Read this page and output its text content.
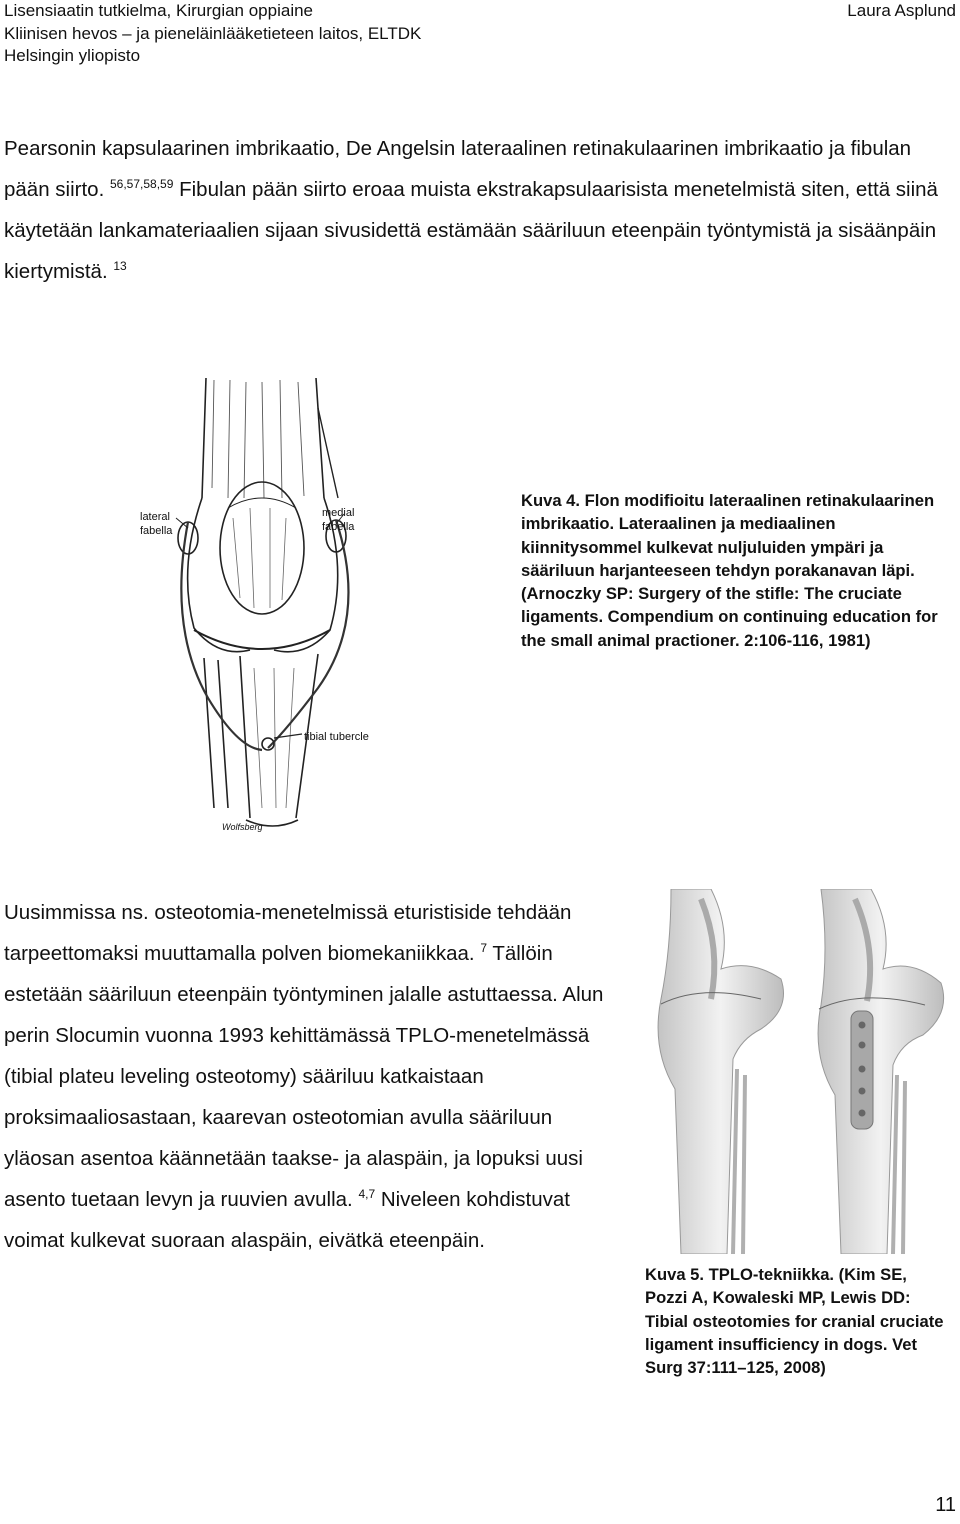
Lisensiaatin tutkielma, Kirurgian oppiaine
Kliinisen hevos – ja pieneläinlääketieteen laitos, ELTDK
Helsingin yliopisto
Laura Asplund
Pearsonin kapsulaarinen imbrikaatio, De Angelsin lateraalinen retinakulaarinen imbrikaatio ja fibulan pään siirto. $^{56,57,58,59}$ Fibulan pään siirto eroaa muista ekstrakapsulaarisista menetelmistä siten, että siinä käytetään lankamateriaalien sijaan sivusidettä estämään sääriluun eteenpäin työntymistä ja sisäänpäin kiertymistä. $^{13}$
lateral
fabella
medial
fabella
tibial tubercle
Wolfsberg
Kuva 4. Flon modifioitu lateraalinen retinakulaarinen imbrikaatio. Lateraalinen ja mediaalinen kiinnitysommel kulkevat nuljuluiden ympäri ja sääriluun harjanteeseen tehdyn porakanavan läpi. (Arnoczky SP: Surgery of the stifle: The cruciate ligaments. Compendium on continuing education for the small animal practioner. 2:106-116, 1981)
Uusimmissa ns. osteotomia-menetelmissä eturistiside tehdään tarpeettomaksi muuttamalla polven biomekaniikkaa. $^7$ Tällöin estetään sääriluun eteenpäin työntyminen jalalle astuttaessa. Alun perin Slocumin vuonna 1993 kehittämässä TPLO-menetelmässä (tibial plateu leveling osteotomy) sääriluu katkaistaan proksimaaliosastaan, kaarevan osteotomian avulla sääriluun yläosan asentoa käännetään taakse- ja alaspäin, ja lopuksi uusi asento tuetaan levyn ja ruuvien avulla. $^{4,7}$ Niveleen kohdistuvat voimat kulkevat suoraan alaspäin, eivätkä eteenpäin.
Kuva 5. TPLO-tekniikka. (Kim SE, Pozzi A, Kowaleski MP, Lewis DD: Tibial osteotomies for cranial cruciate ligament insufficiency in dogs. Vet Surg 37:111–125, 2008)
11
